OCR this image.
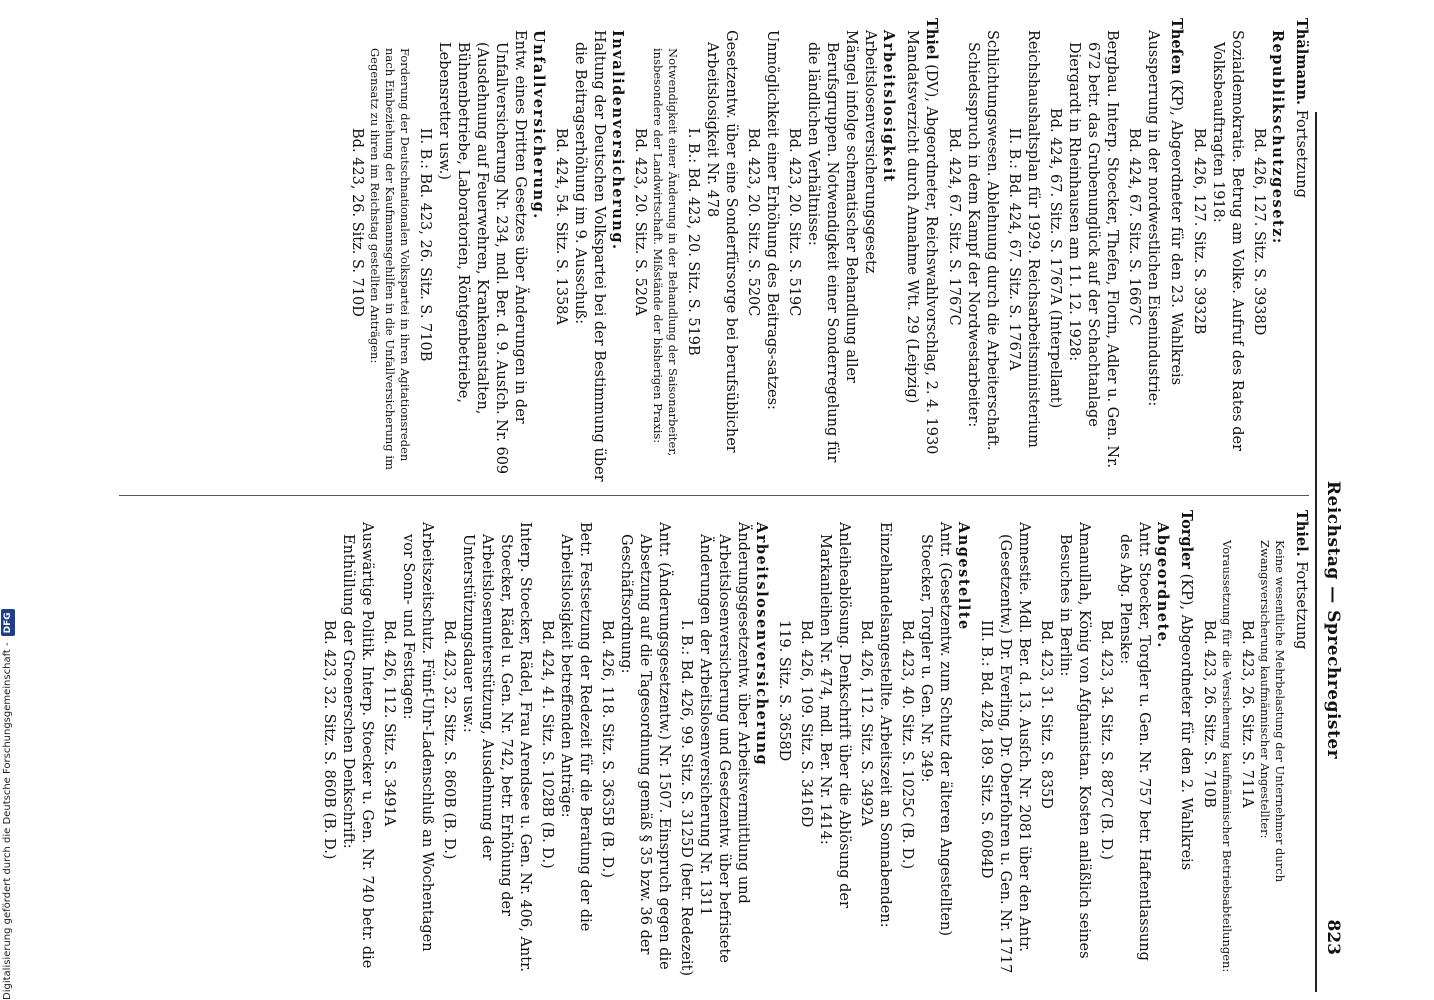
Reichstag — Sprechregister
823

Thälmann. Fortsetzung

Republikschutzgesetz:

Bd. 426, 127. Sitz. S. 3938D

Sozialdemokratie. Betrug am Volke. Aufruf des Rates der Volksbeauftragten 1918:

Bd. 426, 127. Sitz. S. 3932B

Theſen (KP), Abgeordneter für den 23. Wahlkreis

Aussperrung in der nordwestlichen Eisenindustrie:

Bd. 424, 67. Sitz. S. 1667C

Bergbau. Interp. Stoecker, Theſen, Florin, Adler u. Gen. Nr. 672 betr. das Grubenunglück auf der Schachtanlage Diergardt in Rheinhausen am 11. 12. 1928:

Bd. 424, 67. Sitz. S. 1767A (Interpellant)

Reichshaushaltsplan für 1929. Reichsarbeitsministerium

II. B.: Bd. 424, 67. Sitz. S. 1767A

Schlichtungswesen. Ablehnung durch die Arbeiterschaft. Schiedsspruch in dem Kampf der Nordwestarbeiter:

Bd. 424, 67. Sitz. S. 1767C

Thiel (DV), Abgeordneter, Reichswahlvorschlag, 2. 4. 1930 Mandatsverzicht durch Annahme Wtt. 29 (Leipzig)

Arbeitslosigkeit

Arbeitslosenversicherungsgesetz

Mängel infolge schematischer Behandlung aller Berufsgruppen. Notwendigkeit einer Sonderregelung für die ländlichen Verhältnisse:

Bd. 423, 20. Sitz. S. 519C

Unmöglichkeit einer Erhöhung des Beitrags-satzes:

Bd. 423, 20. Sitz. S. 520C

Gesetzentw. über eine Sonderfürsorge bei berufsüblicher Arbeitslosigkeit Nr. 478

I. B.: Bd. 423, 20. Sitz. S. 519B

Notwendigkeit einer Änderung in der Behandlung der Saisonarbeiter, insbesondere der Landwirtschaft. Mißstände der bisherigen Praxis:

Bd. 423, 20. Sitz. S. 520A

Invalidenversicherung.

Haltung der Deutschen Volkspartei bei der Bestimmung über die Beitragserhöhung im 9. Ausschuß:

Bd. 424, 54. Sitz. S. 1358A

Unfallversicherung.

Entw. eines Dritten Gesetzes über Änderungen in der Unfallversicherung Nr. 234, mdl. Ber. d. 9. Ausſch. Nr. 609 (Ausdehnung auf Feuerwehren, Krankenanstalten, Bühnenbetriebe, Laboratorien, Röntgenbetriebe, Lebensretter usw.)

II. B.: Bd. 423, 26. Sitz. S. 710B

Forderung der Deutschnationalen Volkspartei in ihren Agitationsreden nach Einbeziehung der Kaufmannsgehilfen in die Unfallversicherung im Gegensatz zu ihren im Reichstag gestellten Anträgen:

Bd. 423, 26. Sitz. S. 710D

Thiel. Fortsetzung

Keine wesentliche Mehrbelastung der Unternehmer durch Zwangsversicherung kaufmännischer Angestellter:

Bd. 423, 26. Sitz. S. 711A

Voraussetzung für die Versicherung kaufmännischer Betriebsabteilungen:

Bd. 423, 26. Sitz. S. 710B

Torgler (KP), Abgeordneter für den 2. Wahlkreis

Abgeordnete.

Antr. Stoecker, Torgler u. Gen. Nr. 757 betr. Haftentlassung des Abg. Plenske:

Bd. 423, 34. Sitz. S. 887C (B. D.)

Amanullah, König von Afghanistan. Kosten anläßlich seines Besuches in Berlin:

Bd. 423, 31. Sitz. S. 835D

Amnestie. Mdl. Ber. d. 13. Ausſch. Nr. 2081 über den Antr. (Gesetzentw.) Dr. Everling, Dr. Oberfohren u. Gen. Nr. 1717

III. B.: Bd. 428, 189. Sitz. S. 6084D

Angestellte

Antr. (Gesetzentw. zum Schutz der älteren Angestellten) Stoecker, Torgler u. Gen. Nr. 349:

Bd. 423, 40. Sitz. S. 1025C (B. D.)

Einzelhandelsangestellte. Arbeitszeit an Sonnabenden:

Bd. 426, 112. Sitz. S. 3492A

Anleiheablösung. Denkschrift über die Ablösung der Markanleihen Nr. 474, mdl. Ber. Nr. 1414:

Bd. 426, 109. Sitz. S. 3416D

119. Sitz. S. 3658D

Arbeitslosenversicherung

Änderungsgesetzentw. über Arbeitsvermittlung und Arbeitslosenversicherung und Gesetzentw. über befristete Änderungen der Arbeitslosenversicherung Nr. 1311

I. B.: Bd. 426, 99. Sitz. S. 3125D (betr. Redezeit)

Antr. (Änderungsgesetzentw.) Nr. 1507. Einspruch gegen die Absetzung auf die Tagesordnung gemäß § 35 bzw. 36 der Geschäftsordnung:

Bd. 426, 118. Sitz. S. 3635B (B. D.)

Betr. Festsetzung der Redezeit für die Beratung der die Arbeitslosigkeit betreffenden Anträge:

Bd. 424, 41. Sitz. S. 1028B (B. D.)

Interp. Stoecker, Rädel, Frau Arendsee u. Gen. Nr. 406, Antr. Stoecker, Rädel u. Gen. Nr. 742, betr. Erhöhung der Arbeitslosenunterstützung, Ausdehnung der Unterstützungsdauer usw.:

Bd. 423, 32. Sitz. S. 860B (B. D.)

Arbeitszeitschutz. Fünf-Uhr-Ladenschluß an Wochentagen vor Sonn- und Festtagen:

Bd. 426, 112. Sitz. S. 3491A

Auswärtige Politik. Interp. Stoecker u. Gen. Nr. 740 betr. die Enthüllung der Groenerschen Denkschrift:

Bd. 423, 32. Sitz. S. 860B (B. D.)

Digitalisierung gefördert durch die Deutsche Forschungsgemeinschaft -DFG
